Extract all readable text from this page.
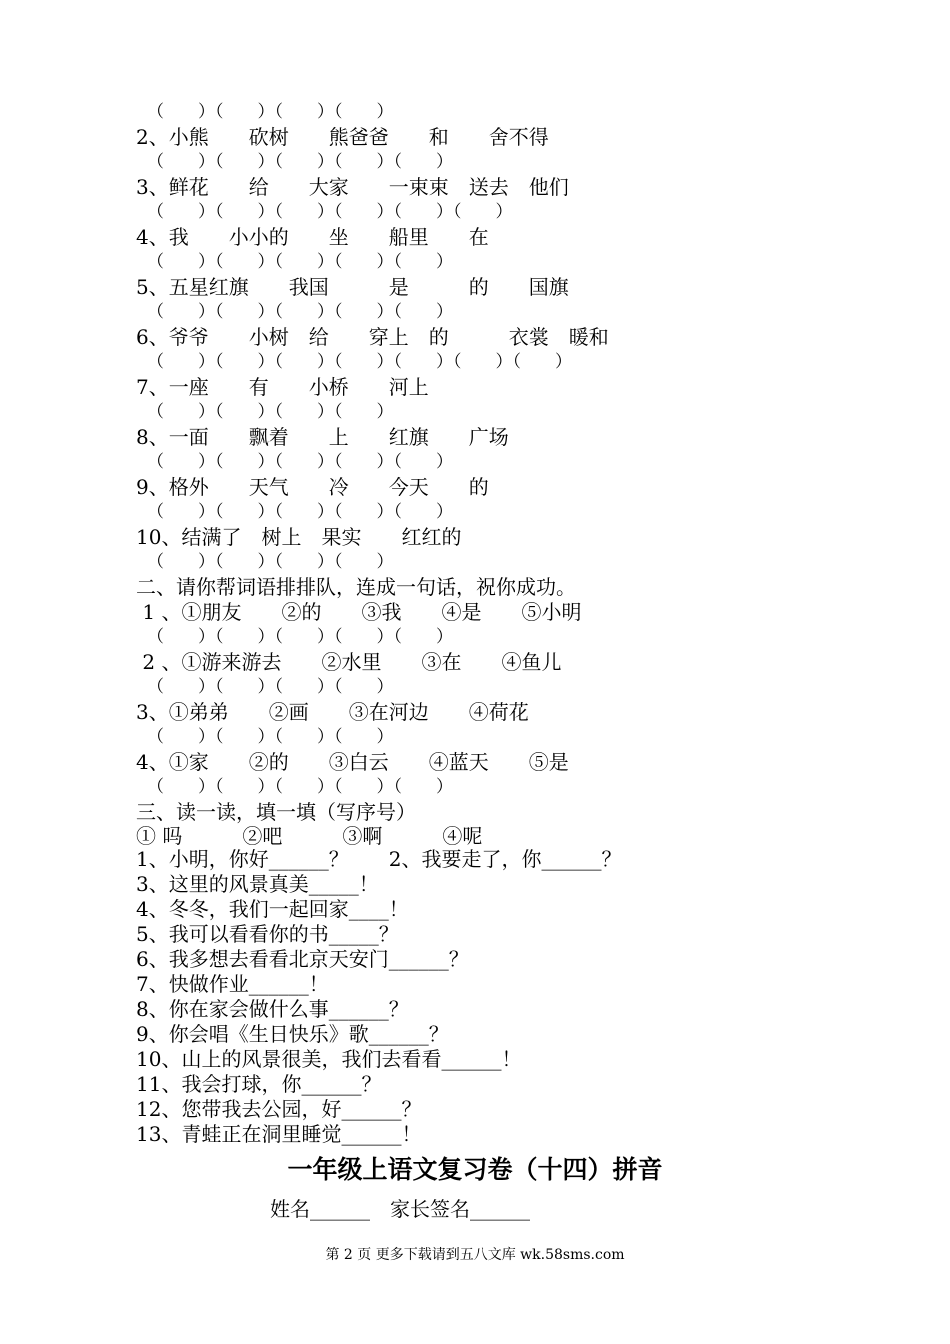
（　　）（　　）（　　）（　　）
2、小熊　　砍树　　熊爸爸　　和　　舍不得
（　　）（　　）（　　）（　　）（　　）
3、鲜花　　给　　大家　　一束束　送去　他们
（　　）（　　）（　　）（　　）（　　）（　　）
4、我　　小小的　　坐　　船里　　在
（　　）（　　）（　　）（　　）（　　）
5、五星红旗　　我国　　　是　　　的　　国旗
（　　）（　　）（　　）（　　）（　　）
6、爷爷　　小树　给　　穿上　的　　　衣裳　暖和
（　　）（　　）（　　）（　　）（　　）（　　）（　　）
7、一座　　有　　小桥　　河上
（　　）（　　）（　　）（　　）
8、一面　　飘着　　上　　红旗　　广场
（　　）（　　）（　　）（　　）（　　）
9、格外　　天气　　冷　　今天　　的
（　　）（　　）（　　）（　　）（　　）
10、结满了　树上　果实　　红红的
（　　）（　　）（　　）（　　）
二、请你帮词语排排队，连成一句话，祝你成功。
1 、①朋友　　②的　　③我　　④是　　⑤小明
（　　）（　　）（　　）（　　）（　　）
2 、①游来游去　　②水里　　③在　　④鱼儿
（　　）（　　）（　　）（　　）
3、①弟弟　　②画　　③在河边　　④荷花
（　　）（　　）（　　）（　　）
4、①家　　②的　　③白云　　④蓝天　　⑤是
（　　）（　　）（　　）（　　）（　　）
三、读一读，填一填（写序号）
① 吗　　　②吧　　　③啊　　　④呢
1、小明，你好______？　　2、我要走了，你______？
3、这里的风景真美_____！
4、冬冬，我们一起回家____！
5、我可以看看你的书_____？
6、我多想去看看北京天安门______？
7、快做作业______！
8、你在家会做什么事______？
9、你会唱《生日快乐》歌______？
10、山上的风景很美，我们去看看______！
11、我会打球，你______？
12、您带我去公园，好______？
13、青蛙正在洞里睡觉______！
一年级上语文复习卷（十四）拼音
姓名______　家长签名______
第 2 页 更多下载请到五八文库 wk.58sms.com
